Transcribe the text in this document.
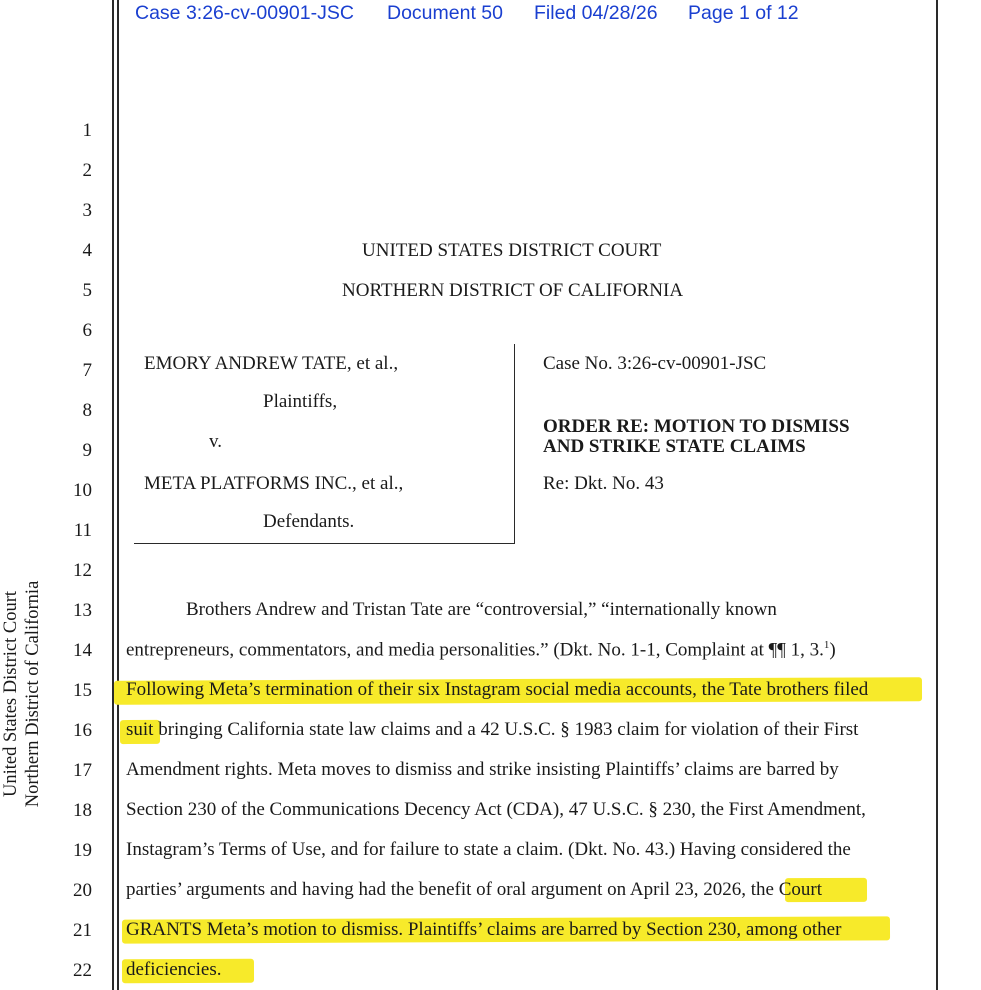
Case 3:26-cv-00901-JSC Document 50 Filed 04/28/26 Page 1 of 12
United States District Court Northern District of California
1
2
3
4
5
6
7
8
9
10
11
12
13
14
15
16
17
18
19
20
21
22
UNITED STATES DISTRICT COURT
NORTHERN DISTRICT OF CALIFORNIA
EMORY ANDREW TATE, et al.,
Plaintiffs,
v.
META PLATFORMS INC., et al.,
Defendants.
Case No. 3:26-cv-00901-JSC
ORDER RE: MOTION TO DISMISS
AND STRIKE STATE CLAIMS
Re: Dkt. No. 43
Brothers Andrew and Tristan Tate are “controversial,” “internationally known
entrepreneurs, commentators, and media personalities.” (Dkt. No. 1-1, Complaint at ¶¶ 1, 3.$^1$)
Following Meta’s termination of their six Instagram social media accounts, the Tate brothers filed
suit bringing California state law claims and a 42 U.S.C. § 1983 claim for violation of their First
Amendment rights. Meta moves to dismiss and strike insisting Plaintiffs’ claims are barred by
Section 230 of the Communications Decency Act (CDA), 47 U.S.C. § 230, the First Amendment,
Instagram’s Terms of Use, and for failure to state a claim. (Dkt. No. 43.) Having considered the
parties’ arguments and having had the benefit of oral argument on April 23, 2026, the Court
GRANTS Meta’s motion to dismiss. Plaintiffs’ claims are barred by Section 230, among other
deficiencies.
